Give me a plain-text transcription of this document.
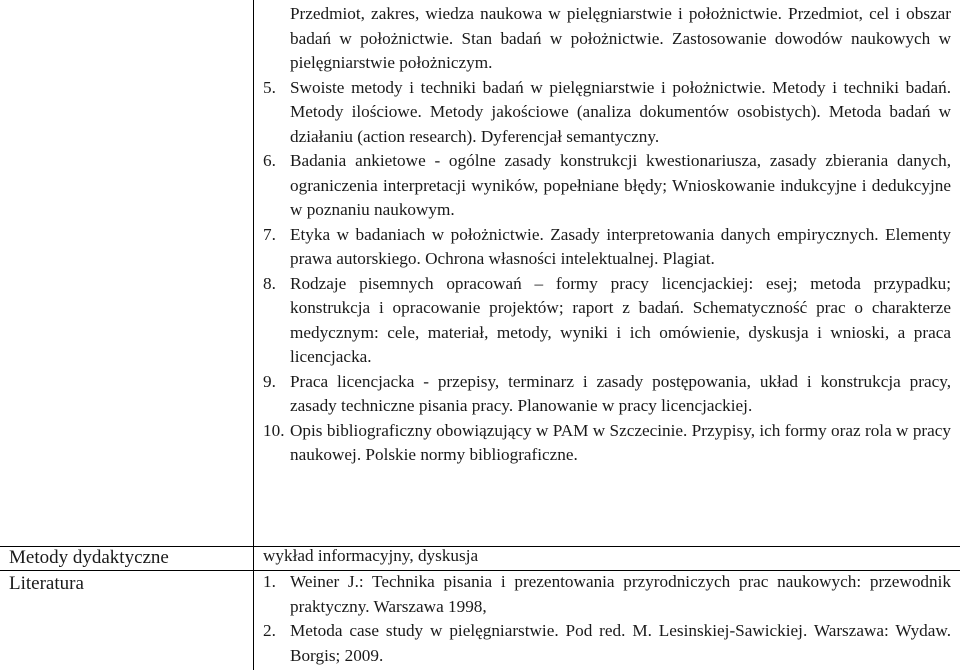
Przedmiot, zakres, wiedza naukowa w pielęgniarstwie i położnictwie. Przedmiot, cel i obszar badań w położnictwie. Stan badań w położnictwie. Zastosowanie dowodów naukowych w pielęgniarstwie położniczym.
5. Swoiste metody i techniki badań w pielęgniarstwie i położnictwie. Metody i techniki badań. Metody ilościowe. Metody jakościowe (analiza dokumentów osobistych). Metoda badań w działaniu (action research). Dyferencjał semantyczny.
6. Badania ankietowe - ogólne zasady konstrukcji kwestionariusza, zasady zbierania danych, ograniczenia interpretacji wyników, popełniane błędy; Wnioskowanie indukcyjne i dedukcyjne w poznaniu naukowym.
7. Etyka w badaniach w położnictwie. Zasady interpretowania danych empirycznych. Elementy prawa autorskiego. Ochrona własności intelektualnej. Plagiat.
8. Rodzaje pisemnych opracowań – formy pracy licencjackiej: esej; metoda przypadku; konstrukcja i opracowanie projektów; raport z badań. Schematyczność prac o charakterze medycznym: cele, materiał, metody, wyniki i ich omówienie, dyskusja i wnioski, a praca licencjacka.
9. Praca licencjacka - przepisy, terminarz i zasady postępowania, układ i konstrukcja pracy, zasady techniczne pisania pracy. Planowanie w pracy licencjackiej.
10. Opis bibliograficzny obowiązujący w PAM w Szczecinie. Przypisy, ich formy oraz rola w pracy naukowej. Polskie normy bibliograficzne.
Metody dydaktyczne	wykład informacyjny, dyskusja
Literatura	1. Weiner J.: Technika pisania i prezentowania przyrodniczych prac naukowych: przewodnik praktyczny. Warszawa 1998,
2. Metoda case study w pielęgniarstwie. Pod red. M. Lesinskiej-Sawickiej. Warszawa: Wydaw. Borgis; 2009.
